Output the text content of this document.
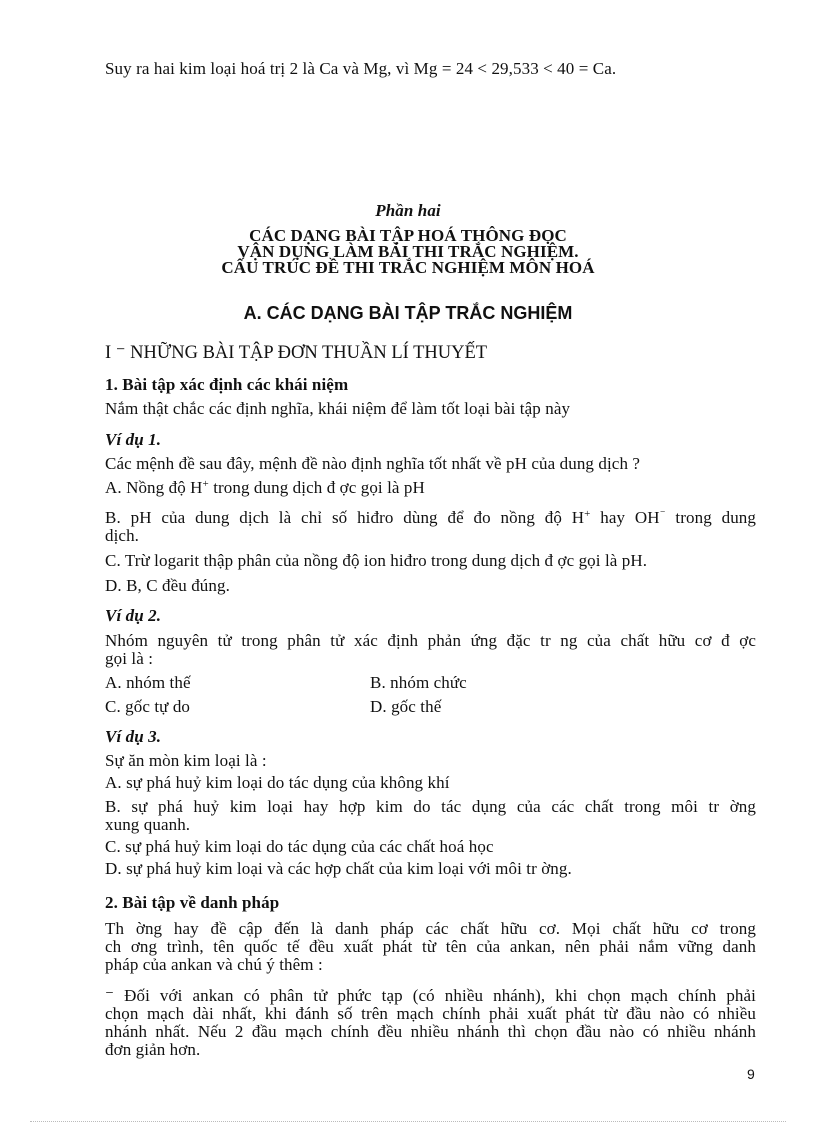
Suy ra hai kim loại hoá trị 2 là Ca và Mg, vì Mg = 24 < 29,533 < 40 = Ca.
Phần hai
CÁC DẠNG BÀI TẬP HOÁ THÔNG ĐỌC
VẬN DỤNG LÀM BÀI THI TRẮC NGHIỆM.
CẤU TRÚC ĐỀ THI TRẮC NGHIỆM MÔN HOÁ
A. CÁC DẠNG BÀI TẬP TRẮC NGHIỆM
I ⁻ NHỮNG BÀI TẬP ĐƠN THUẦN LÍ THUYẾT
1. Bài tập xác định các khái niệm
Nắm thật chắc các định nghĩa, khái niệm để làm tốt loại bài tập này
Ví dụ 1.
Các mệnh đề sau đây, mệnh đề nào định nghĩa tốt nhất về pH của dung dịch ?
A. Nồng độ H+ trong dung dịch đ ợc gọi là pH
B. pH của dung dịch là chỉ số hiđro dùng để đo nồng độ H+ hay OH⁻ trong dung
dịch.
C. Trừ logarit thập phân của nồng độ ion hiđro trong dung dịch đ ợc gọi là pH.
D. B, C đều đúng.
Ví dụ 2.
Nhóm nguyên tử trong phân tử xác định phản ứng đặc tr ng của chất hữu cơ đ ợc
gọi là :
A. nhóm thế	B. nhóm chức
C. gốc tự do	D. gốc thế
Ví dụ 3.
Sự ăn mòn kim loại là :
A. sự phá huỷ kim loại do tác dụng của không khí
B. sự phá huỷ kim loại hay hợp kim do tác dụng của các chất trong môi tr ờng
xung quanh.
C. sự phá huỷ kim loại do tác dụng của các chất hoá học
D. sự phá huỷ kim loại và các hợp chất của kim loại với môi tr ờng.
2. Bài tập về danh pháp
Th ờng hay đề cập đến là danh pháp các chất hữu cơ. Mọi chất hữu cơ trong
ch ơng trình, tên quốc tế đều xuất phát từ tên của ankan, nên phải nắm vững danh
pháp của ankan và chú ý thêm :
⁻ Đối với ankan có phân tử phức tạp (có nhiều nhánh), khi chọn mạch chính phải
chọn mạch dài nhất, khi đánh số trên mạch chính phải xuất phát từ đầu nào có nhiều
nhánh nhất. Nếu 2 đầu mạch chính đều nhiều nhánh thì chọn đầu nào có nhiều nhánh
đơn giản hơn.
9
